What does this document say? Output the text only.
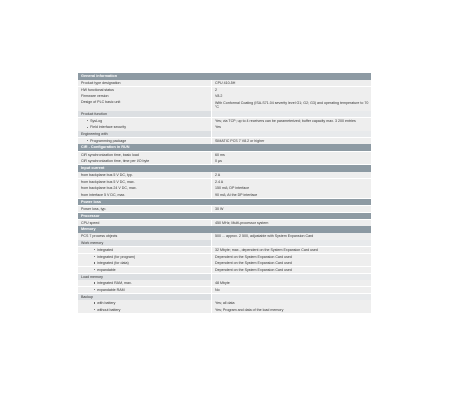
General information
Product type designation	CPU 410-5H
HW functional status	2
Firmware version	V8.2
Design of PLC basic unit	With Conformal Coating (ISA-S71.04 severity level G1; G2; G3) and operating temperature to 70 °C
Product function
SysLog	Yes; via TCP; up to 4 receivers can be parameterized; buffer capacity max. 3 200 entries
Field interface security	Yes
Engineering with
Programming package	SIMATIC PCS 7 V8.2 or higher
CiR - Configuration in RUN
CiR synchronization time, basic load	60 ms
CiR synchronization time, time per I/O byte	0 µs
Input current
from backplane bus 5 V DC, typ.	2 A
from backplane bus 5 V DC, max.	2.4 A
from backplane bus 24 V DC, max.	150 mA; DP interface
from interface 5 V DC, max.	90 mA; At the DP interface
Power loss
Power loss, typ.	30 W
Processor
CPU speed	450 MHz; Multi-processor system
Memory
PCS 7 process objects	500 ... approx. 2 500, adjustable with System Expansion Card
Work memory
integrated	32 Mbyte; max., dependent on the System Expansion Card used
integrated (for program)	Dependent on the System Expansion Card used
integrated (for data)	Dependent on the System Expansion Card used
expandable	Dependent on the System Expansion Card used
Load memory
integrated RAM, max.	48 Mbyte
expandable RAM	No
Backup
with battery	Yes; all data
without battery	Yes; Program and data of the load memory
